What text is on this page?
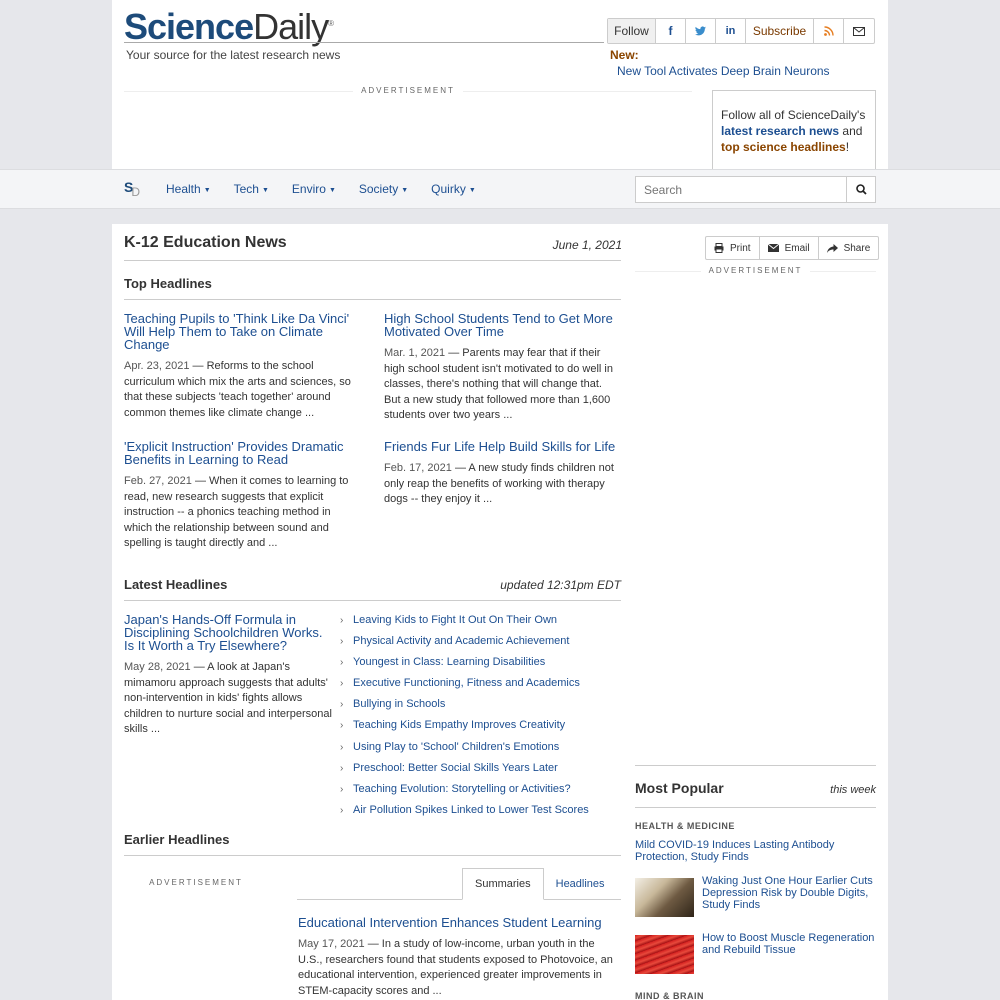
ScienceDaily®
Your source for the latest research news
Follow	f	in	Subscribe
New:
New Tool Activates Deep Brain Neurons
ADVERTISEMENT
Follow all of ScienceDaily's
latest research news and
top science headlines!
SD Health ▼ Tech ▼ Enviro ▼ Society ▼ Quirky ▼
Search
K-12 Education News	June 1, 2021
Top Headlines
Teaching Pupils to 'Think Like Da Vinci' Will Help Them to Take on Climate Change
Apr. 23, 2021 — Reforms to the school curriculum which mix the arts and sciences, so that these subjects 'teach together' around common themes like climate change ...
High School Students Tend to Get More Motivated Over Time
Mar. 1, 2021 — Parents may fear that if their high school student isn't motivated to do well in classes, there's nothing that will change that. But a new study that followed more than 1,600 students over two years ...
'Explicit Instruction' Provides Dramatic Benefits in Learning to Read
Feb. 27, 2021 — When it comes to learning to read, new research suggests that explicit instruction -- a phonics teaching method in which the relationship between sound and spelling is taught directly and ...
Friends Fur Life Help Build Skills for Life
Feb. 17, 2021 — A new study finds children not only reap the benefits of working with therapy dogs -- they enjoy it ...
Latest Headlines	updated 12:31pm EDT
Japan's Hands-Off Formula in Disciplining Schoolchildren Works. Is It Worth a Try Elsewhere?
May 28, 2021 — A look at Japan's mimamoru approach suggests that adults' non-intervention in kids' fights allows children to nurture social and interpersonal skills ...
› Leaving Kids to Fight It Out On Their Own
› Physical Activity and Academic Achievement
› Youngest in Class: Learning Disabilities
› Executive Functioning, Fitness and Academics
› Bullying in Schools
› Teaching Kids Empathy Improves Creativity
› Using Play to 'School' Children's Emotions
› Preschool: Better Social Skills Years Later
› Teaching Evolution: Storytelling or Activities?
› Air Pollution Spikes Linked to Lower Test Scores
Earlier Headlines
ADVERTISEMENT	Summaries	Headlines
Educational Intervention Enhances Student Learning
May 17, 2021 — In a study of low-income, urban youth in the U.S., researchers found that students exposed to Photovoice, an educational intervention, experienced greater improvements in STEM-capacity scores and ...
Print	Email	Share
ADVERTISEMENT
Most Popular	this week
HEALTH & MEDICINE
Mild COVID-19 Induces Lasting Antibody Protection, Study Finds
Waking Just One Hour Earlier Cuts Depression Risk by Double Digits, Study Finds
How to Boost Muscle Regeneration and Rebuild Tissue
MIND & BRAIN
